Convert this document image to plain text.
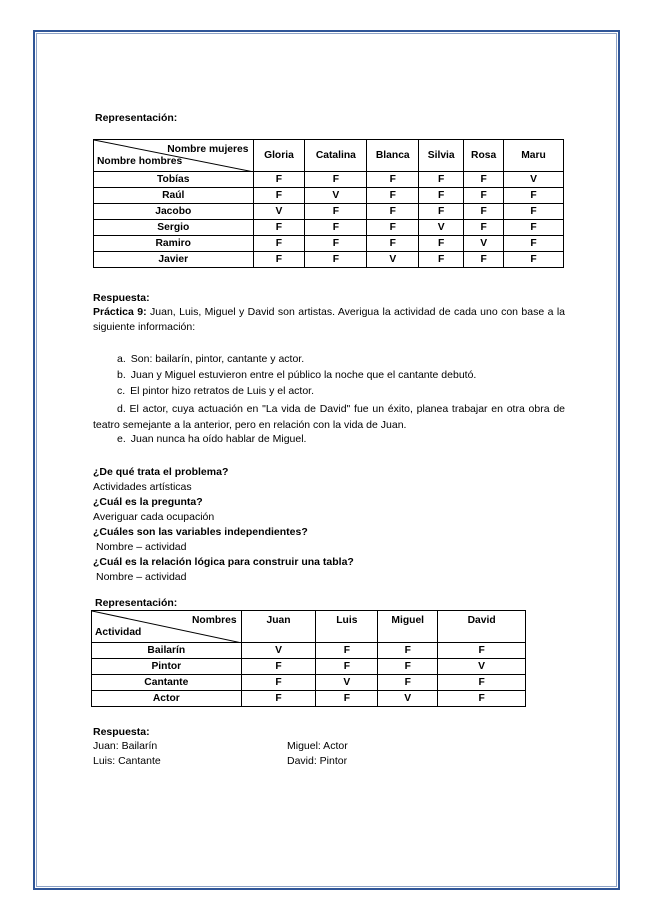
Representación:
Nombre mujeres
Nombre hombres	Gloria	Catalina	Blanca	Silvia	Rosa	Maru
Tobías	F	F	F	F	F	V
Raúl	F	V	F	F	F	F
Jacobo	V	F	F	F	F	F
Sergio	F	F	F	V	F	F
Ramiro	F	F	F	F	V	F
Javier	F	F	V	F	F	F
Respuesta:
Práctica 9: Juan, Luis, Miguel y David son artistas. Averigua la actividad de cada uno con base a la siguiente información:
a. Son: bailarín, pintor, cantante y actor.
b. Juan y Miguel estuvieron entre el público la noche que el cantante debutó.
c. El pintor hizo retratos de Luis y el actor.
d. El actor, cuya actuación en "La vida de David" fue un éxito, planea trabajar en otra obra de teatro semejante a la anterior, pero en relación con la vida de Juan.
e. Juan nunca ha oído hablar de Miguel.
¿De qué trata el problema?
Actividades artísticas
¿Cuál es la pregunta?
Averiguar cada ocupación
¿Cuáles son las variables independientes?
Nombre – actividad
¿Cuál es la relación lógica para construir una tabla?
Nombre – actividad
Representación:
Nombres
Actividad	Juan	Luis	Miguel	David
Bailarín	V	F	F	F
Pintor	F	F	F	V
Cantante	F	V	F	F
Actor	F	F	V	F
Respuesta:
Juan: Bailarín	Miguel: Actor
Luis: Cantante	David: Pintor
